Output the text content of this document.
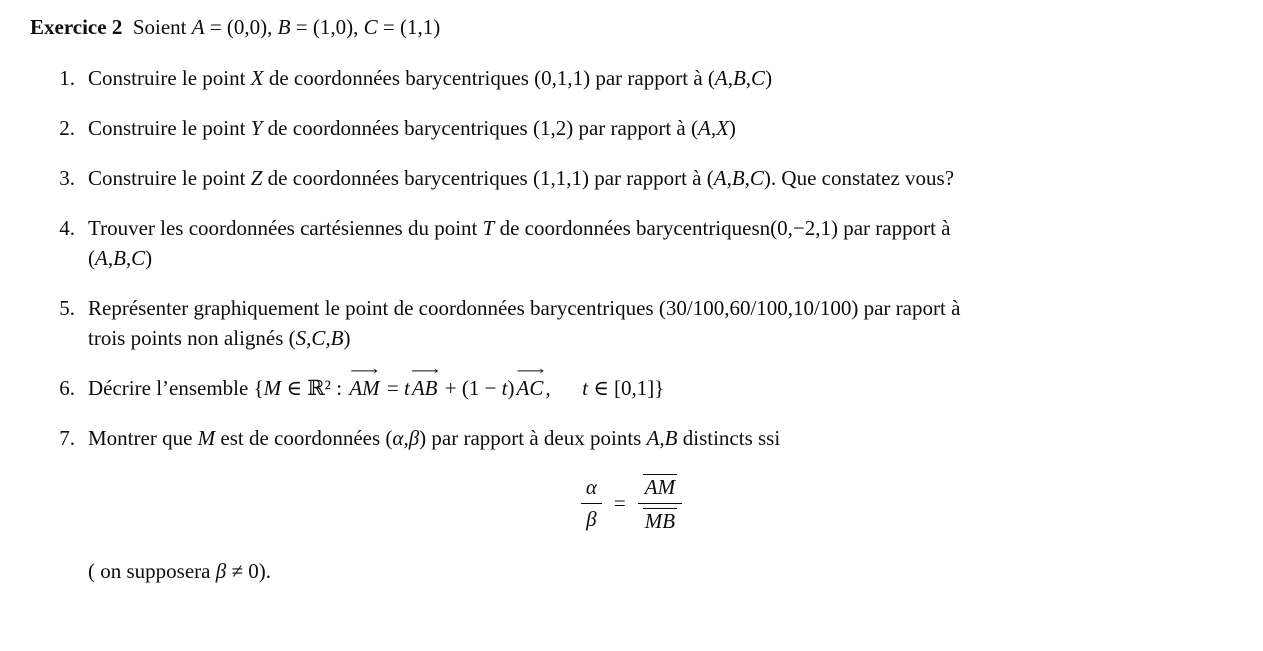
Exercice 2 Soient A = (0,0), B = (1,0), C = (1,1)
1. Construire le point X de coordonnées barycentriques (0,1,1) par rapport à (A,B,C)
2. Construire le point Y de coordonnées barycentriques (1,2) par rapport à (A,X)
3. Construire le point Z de coordonnées barycentriques (1,1,1) par rapport à (A,B,C). Que constatez vous?
4. Trouver les coordonnées cartésiennes du point T de coordonnées barycentriquesn(0,−2,1) par rapport à
(A,B,C)
5. Représenter graphiquement le point de coordonnées barycentriques (30/100,60/100,10/100) par raport à
trois points non alignés (S,C,B)
6. Décrire l’ensemble {M ∈ ℝ² : ⟶ AM = t⟶ AB + (1 − t)⟶ AC,  t ∈ [0,1]}
7. Montrer que M est de coordonnées (α,β) par rapport à deux points A,B distincts ssi
$\frac{\alpha}{\beta} = \frac{AM}{MB}$
( on supposera β ≠ 0).
